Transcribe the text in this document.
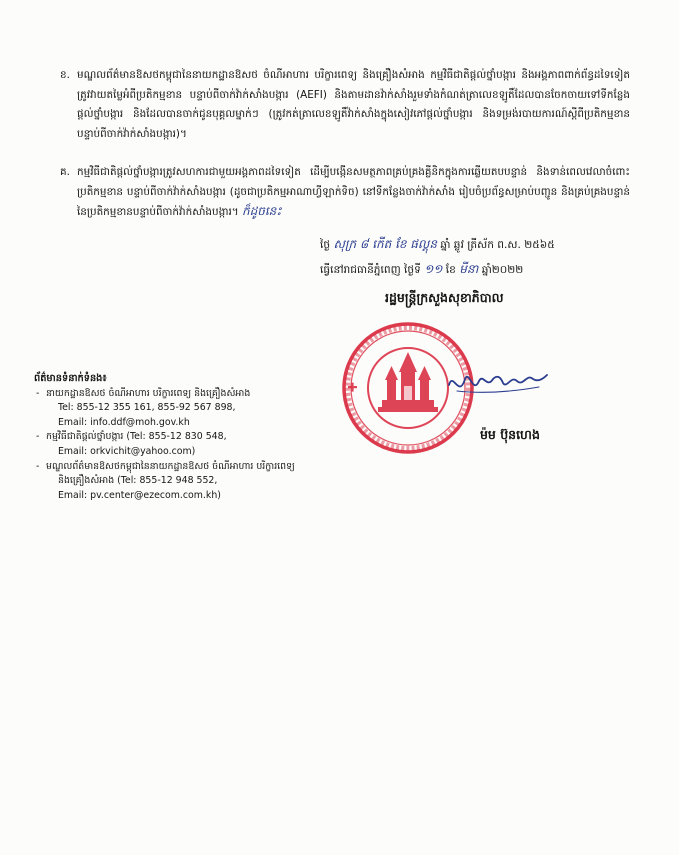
ខ. មណ្ឌលព័ត៌មានឱសថកម្ពុជានៃនាយកដ្ឋានឱសថ ចំណីអាហារ បរិក្ខារពេទ្យ និងគ្រឿងសំអាង កម្មវិធីជាតិផ្តល់ថ្នាំបង្ការ និងអង្គភាពពាក់ព័ន្ធដទៃទៀតត្រូវវាយតម្លៃអំពីប្រតិកម្មខាន បន្ទាប់ពីចាក់វ៉ាក់សាំងបង្ការ (AEFI) និងតាមដានវ៉ាក់សាំងរួមទាំងកំណត់ត្រាលេខឡូតិ៍ដែលបានចែកចាយទៅទីកន្លែងផ្តល់ថ្នាំបង្ការ និងដែលបានចាក់ជូនបុគ្គលម្នាក់ៗ (ត្រូវកត់ត្រាលេខឡូតិ៍វ៉ាក់សាំងក្នុងសៀវភៅផ្តល់ថ្នាំបង្ការ និងទម្រង់របាយការណ៍ស្តីពីប្រតិកម្មខាន បន្ទាប់ពីចាក់វ៉ាក់សាំងបង្ការ)។
គ. កម្មវិធីជាតិផ្តល់ថ្នាំបង្ការត្រូវសហការជាមួយអង្គភាពដទៃទៀត ដើម្បីបង្កើនសមត្ថភាពគ្រប់គ្រងគ្លីនិកក្នុងការឆ្លើយតបបន្ទាន់ និងទាន់ពេលវេលាចំពោះប្រតិកម្មខាន បន្ទាប់ពីចាក់វ៉ាក់សាំងបង្ការ (ដូចជាប្រតិកម្មអាណាហ្វីឡាក់ទិច) នៅទីកន្លែងចាក់វ៉ាក់សាំង រៀបចំប្រព័ន្ធសម្រាប់បញ្ជូន និងគ្រប់គ្រងបន្ទាន់នៃប្រតិកម្មខានបន្ទាប់ពីចាក់វ៉ាក់សាំងបង្ការ។ ក៏ដូចនេះ
ថ្ងៃ សុក្រ ៨ កើត ខែ ផល្គុន ឆ្នាំ ឆ្លូវ ត្រីស័ក ព.ស. ២៥៦៥
ធ្វើនៅរាជធានីភ្នំពេញ ថ្ងៃទី ១១ ខែ មីនា ឆ្នាំ២០២២
រដ្ឋមន្ត្រីក្រសួងសុខាភិបាល
ម៉ម ប៊ុនហេង
ព័ត៌មានទំនាក់ទំនង៖
- នាយកដ្ឋានឱសថ ចំណីអាហារ បរិក្ខារពេទ្យ និងគ្រឿងសំអាង
Tel: 855-12 355 161, 855-92 567 898,
Email: info.ddf@moh.gov.kh
- កម្មវិធីជាតិផ្តល់ថ្នាំបង្ការ (Tel: 855-12 830 548,
Email: orkvichit@yahoo.com)
- មណ្ឌលព័ត៌មានឱសថកម្ពុជានៃនាយកដ្ឋានឱសថ ចំណីអាហារ បរិក្ខារពេទ្យ
និងគ្រឿងសំអាង (Tel: 855-12 948 552,
Email: pv.center@ezecom.com.kh)
